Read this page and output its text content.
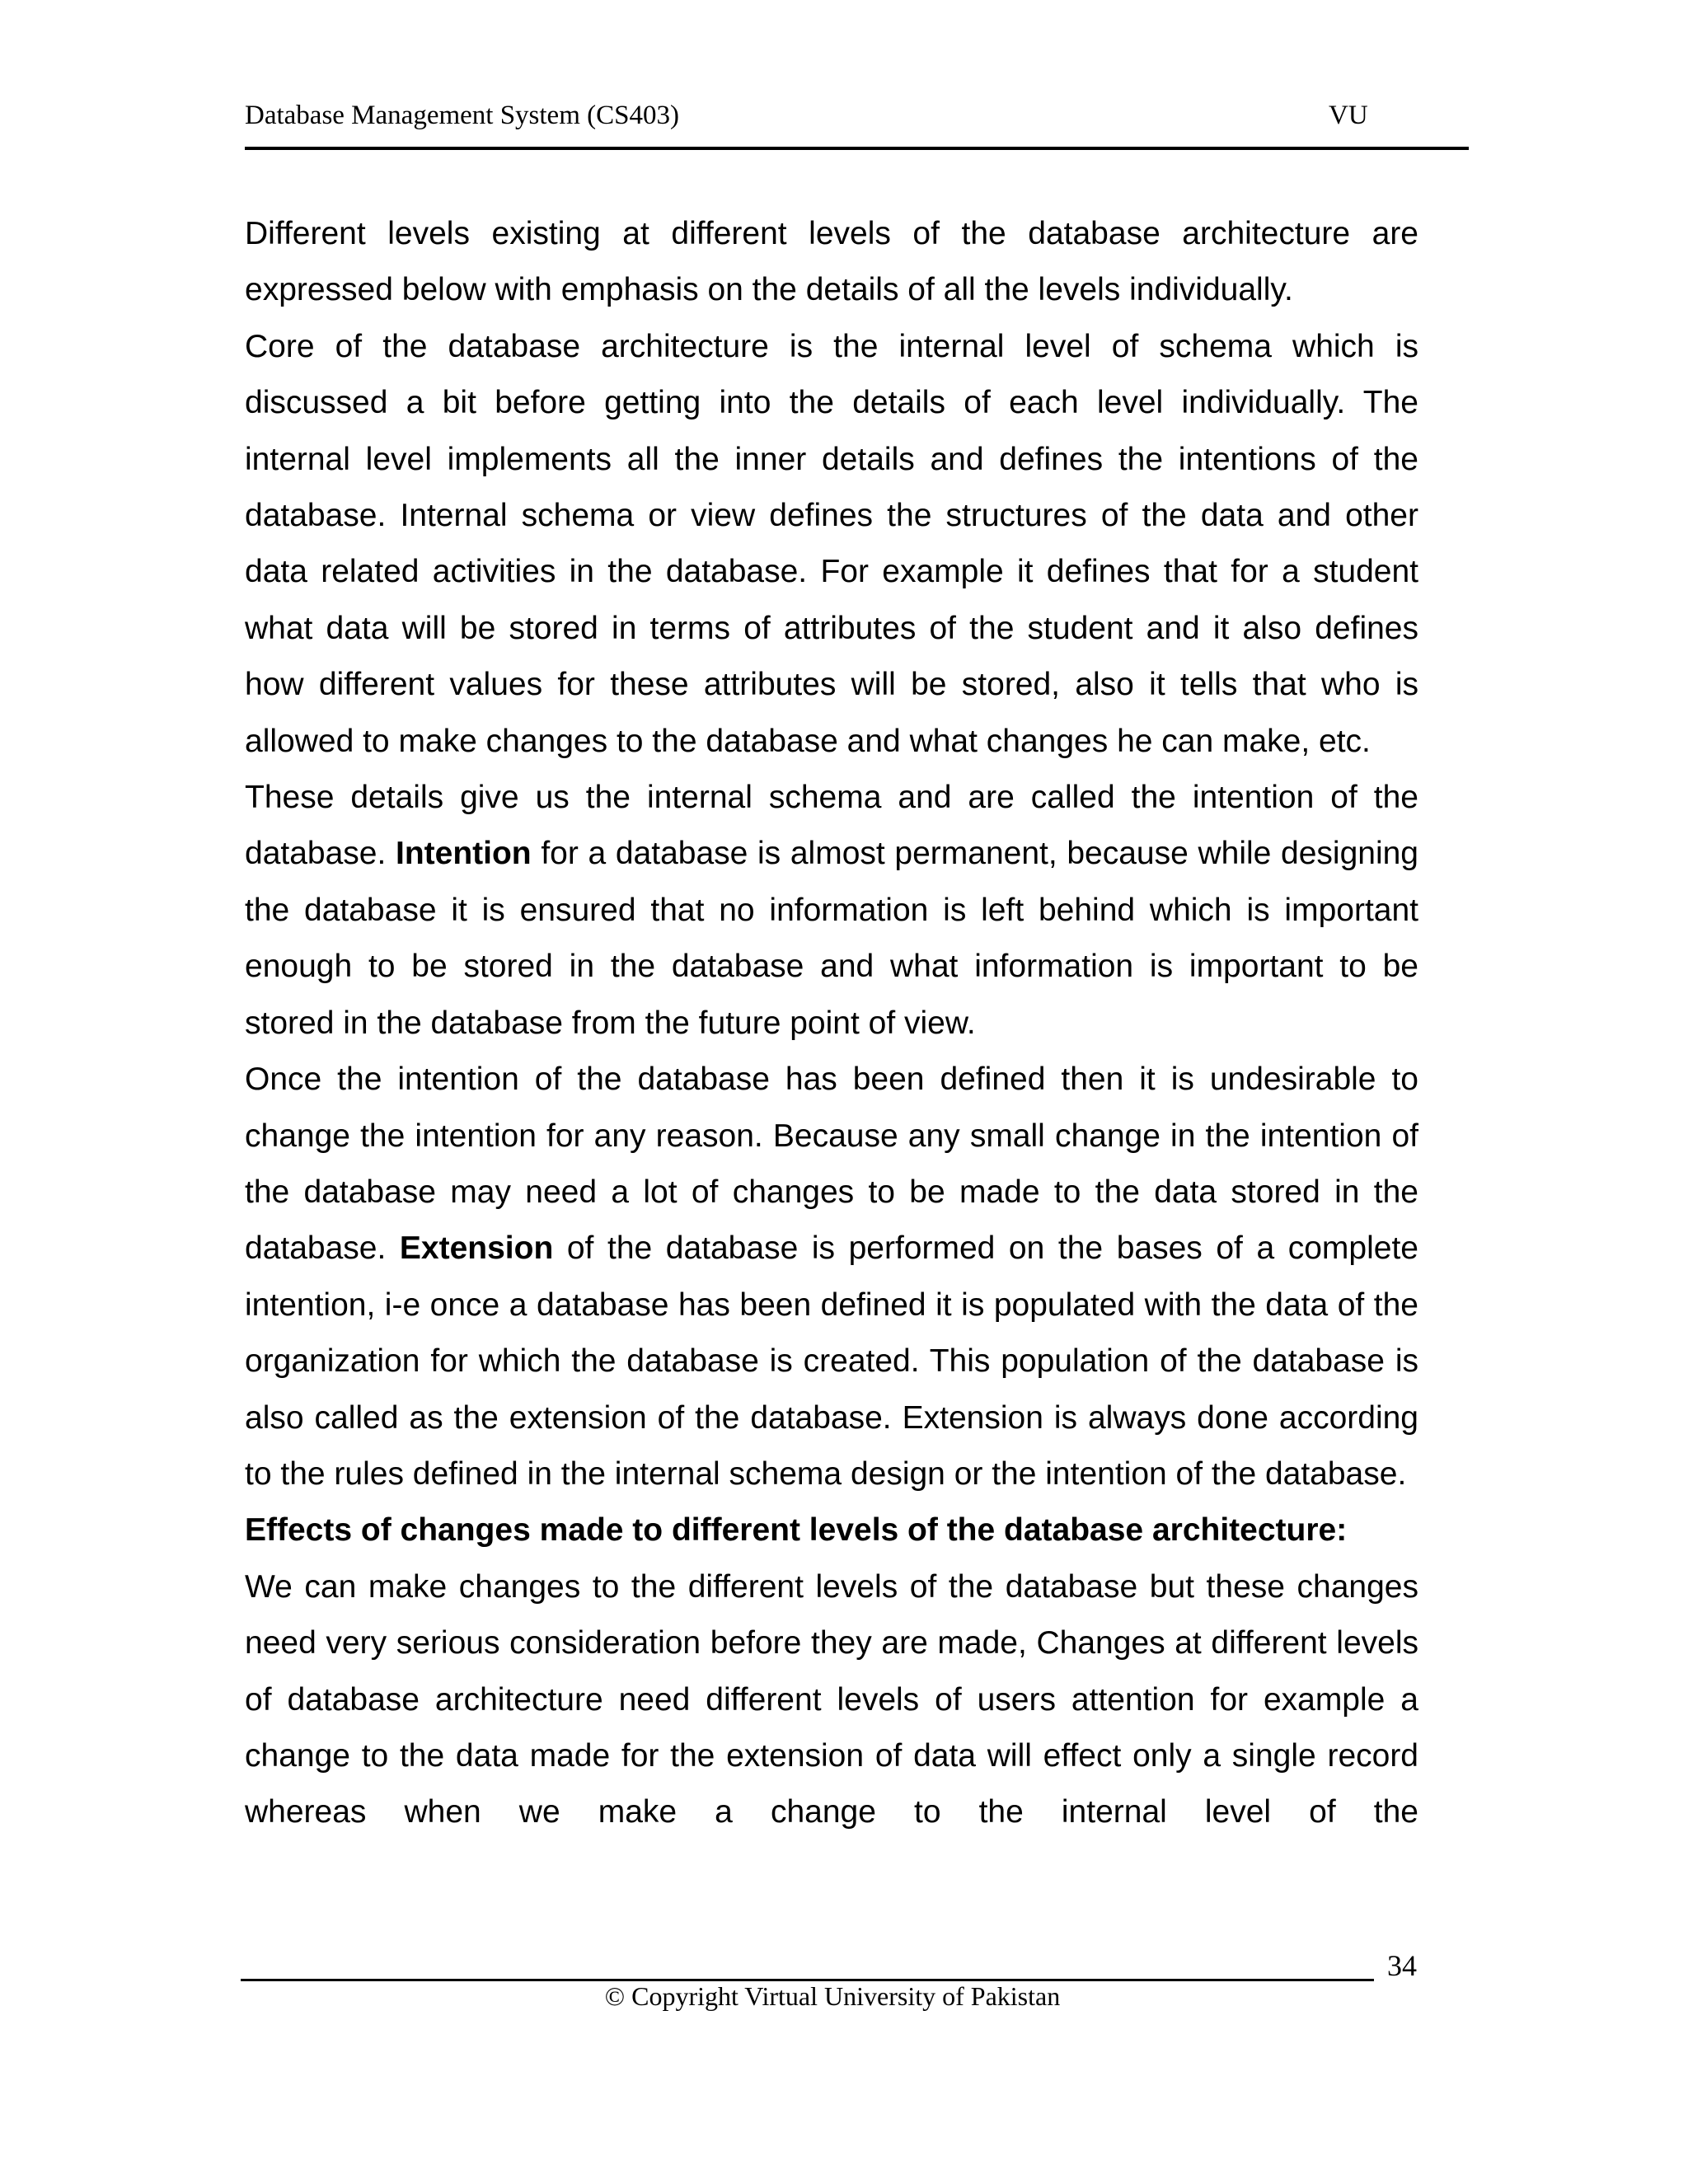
Database Management System (CS403)	VU

Different levels existing at different levels of the database architecture are expressed below with emphasis on the details of all the levels individually.

Core of the database architecture is the internal level of schema which is discussed a bit before getting into the details of each level individually. The internal level implements all the inner details and defines the intentions of the database. Internal schema or view defines the structures of the data and other data related activities in the database. For example it defines that for a student what data will be stored in terms of attributes of the student and it also defines how different values for these attributes will be stored, also it tells that who is allowed to make changes to the database and what changes he can make, etc.

These details give us the internal schema and are called the intention of the database. Intention for a database is almost permanent, because while designing the database it is ensured that no information is left behind which is important enough to be stored in the database and what information is important to be stored in the database from the future point of view.

Once the intention of the database has been defined then it is undesirable to change the intention for any reason. Because any small change in the intention of the database may need a lot of changes to be made to the data stored in the database. Extension of the database is performed on the bases of a complete intention, i-e once a database has been defined it is populated with the data of the organization for which the database is created. This population of the database is also called as the extension of the database. Extension is always done according to the rules defined in the internal schema design or the intention of the database.

Effects of changes made to different levels of the database architecture:

We can make changes to the different levels of the database but these changes need very serious consideration before they are made, Changes at different levels of database architecture need different levels of users attention for example a change to the data made for the extension of data will effect only a single record whereas when we make a change to the internal level of the

34
© Copyright Virtual University of Pakistan
